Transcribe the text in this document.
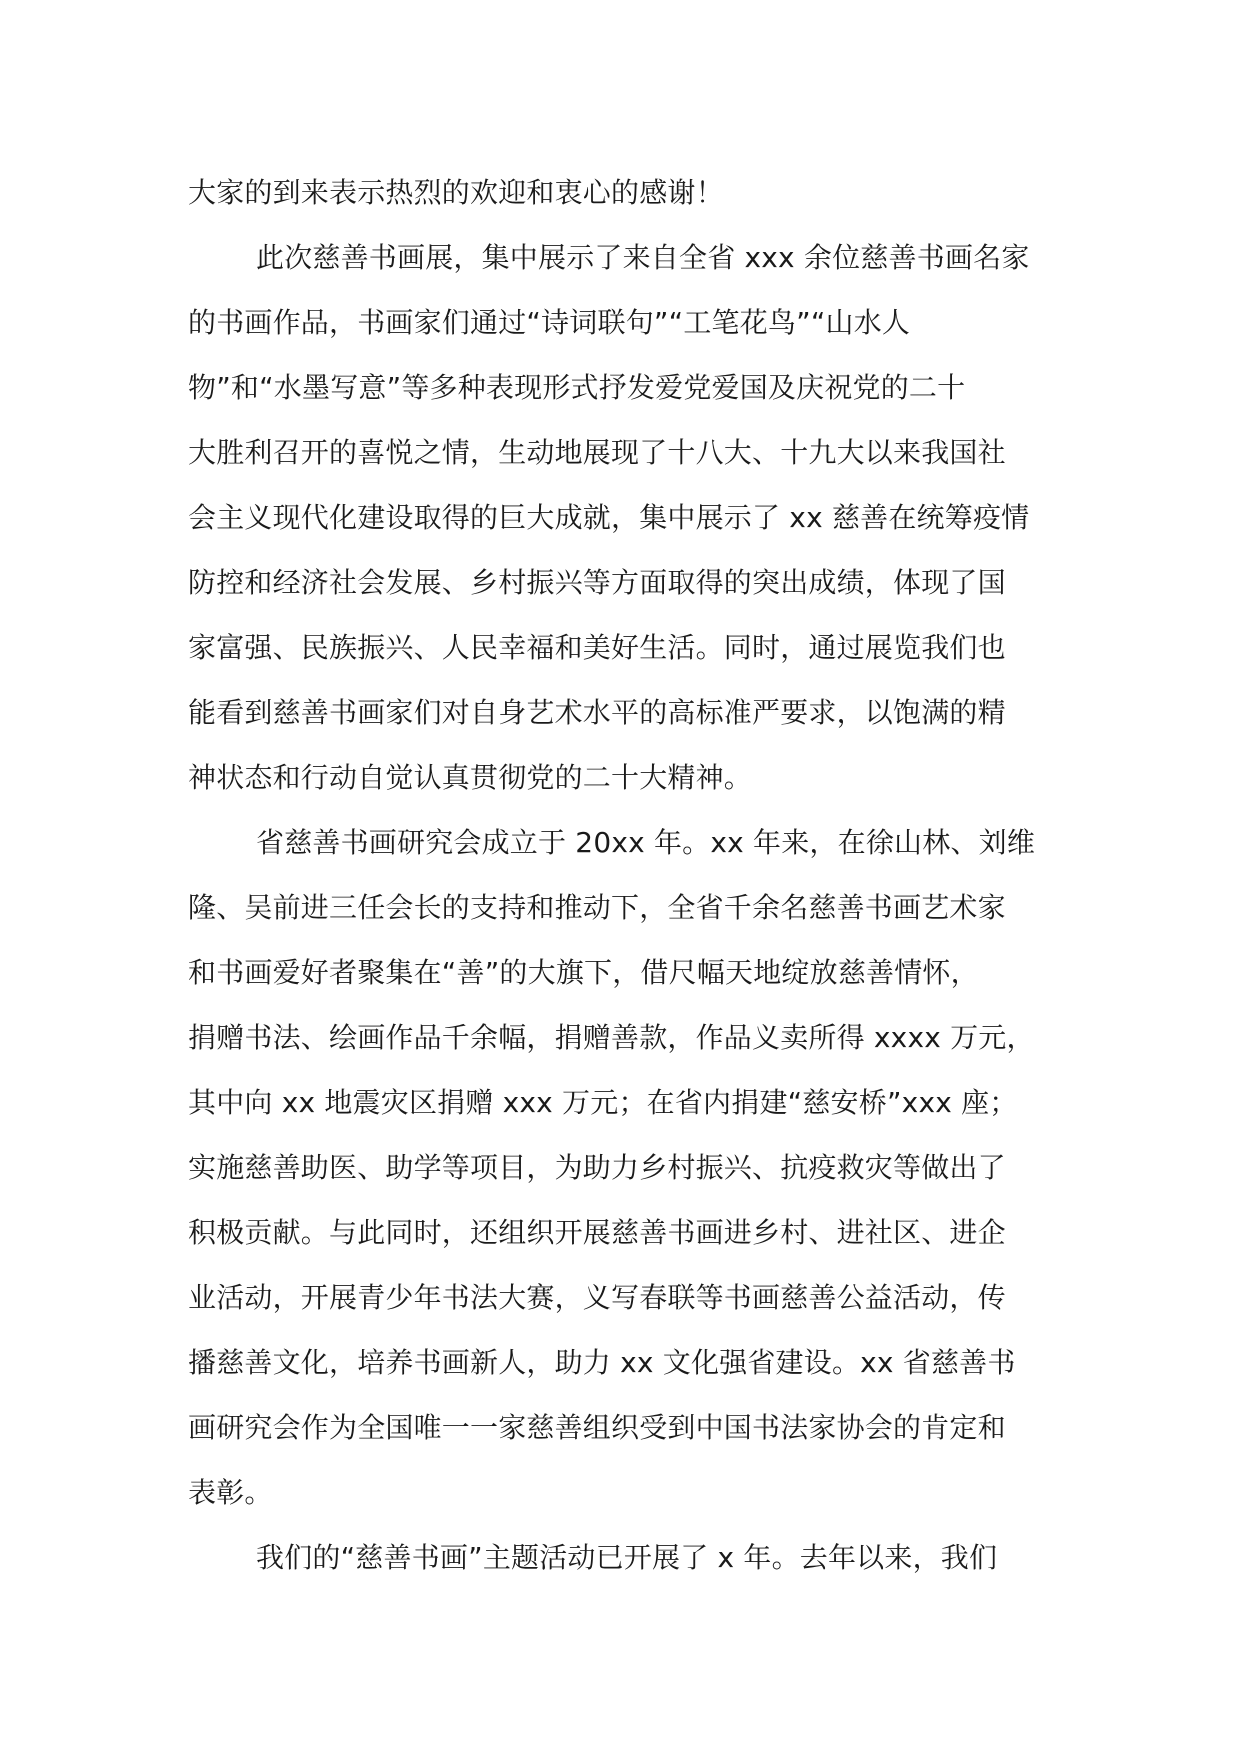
大家的到来表示热烈的欢迎和衷心的感谢！
此次慈善书画展，集中展示了来自全省 xxx 余位慈善书画名家
的书画作品，书画家们通过“诗词联句”“工笔花鸟”“山水人
物”和“水墨写意”等多种表现形式抒发爱党爱国及庆祝党的二十
大胜利召开的喜悦之情，生动地展现了十八大、十九大以来我国社
会主义现代化建设取得的巨大成就，集中展示了 xx 慈善在统筹疫情
防控和经济社会发展、乡村振兴等方面取得的突出成绩，体现了国
家富强、民族振兴、人民幸福和美好生活。同时，通过展览我们也
能看到慈善书画家们对自身艺术水平的高标准严要求，以饱满的精
神状态和行动自觉认真贯彻党的二十大精神。
省慈善书画研究会成立于 20xx 年。xx 年来，在徐山林、刘维
隆、吴前进三任会长的支持和推动下，全省千余名慈善书画艺术家
和书画爱好者聚集在“善”的大旗下，借尺幅天地绽放慈善情怀，
捐赠书法、绘画作品千余幅，捐赠善款，作品义卖所得 xxxx 万元，
其中向 xx 地震灾区捐赠 xxx 万元；在省内捐建“慈安桥”xxx 座；
实施慈善助医、助学等项目，为助力乡村振兴、抗疫救灾等做出了
积极贡献。与此同时，还组织开展慈善书画进乡村、进社区、进企
业活动，开展青少年书法大赛，义写春联等书画慈善公益活动，传
播慈善文化，培养书画新人，助力 xx 文化强省建设。xx 省慈善书
画研究会作为全国唯一一家慈善组织受到中国书法家协会的肯定和
表彰。
我们的“慈善书画”主题活动已开展了 x 年。去年以来，我们
